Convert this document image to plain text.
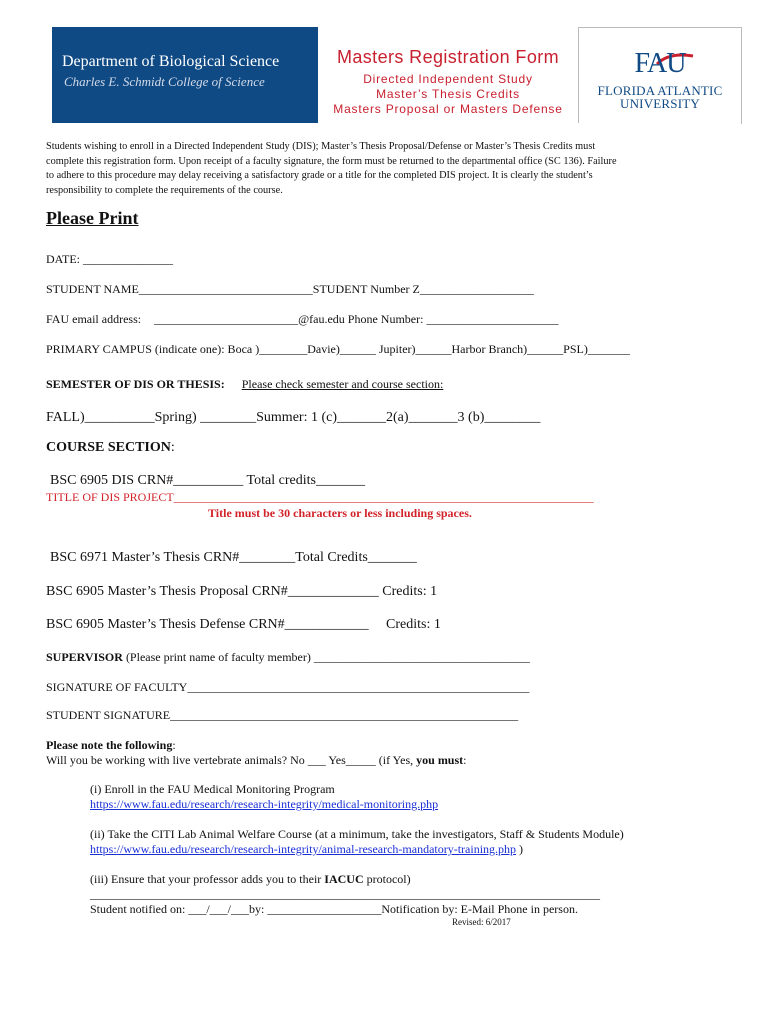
Department of Biological Science
Charles E. Schmidt College of Science
Masters Registration Form
Directed Independent Study
Master’s Thesis Credits
Masters Proposal or Masters Defense
FAU
FLORIDA ATLANTIC
UNIVERSITY
Students wishing to enroll in a Directed Independent Study (DIS); Master’s Thesis Proposal/Defense or Master’s Thesis Credits must
complete this registration form. Upon receipt of a faculty signature, the form must be returned to the departmental office (SC 136). Failure
to adhere to this procedure may delay receiving a satisfactory grade or a title for the completed DIS project. It is clearly the student’s
responsibility to complete the requirements of the course.
Please Print
DATE: _______________
STUDENT NAME_____________________________STUDENT Number Z___________________
FAU email address: ________________________@fau.edu Phone Number: ______________________
PRIMARY CAMPUS (indicate one): Boca )________Davie)______ Jupiter)______Harbor Branch)______PSL)_______
SEMESTER OF DIS OR THESIS: Please check semester and course section:
FALL)__________Spring) ________Summer: 1 (c)_______2(a)_______3 (b)________
COURSE SECTION:
BSC 6905 DIS CRN#__________ Total credits_______
TITLE OF DIS PROJECT______________________________________________________________________
Title must be 30 characters or less including spaces.
BSC 6971 Master’s Thesis CRN#________Total Credits_______
BSC 6905 Master’s Thesis Proposal CRN#_____________ Credits: 1
BSC 6905 Master’s Thesis Defense CRN#____________ Credits: 1
SUPERVISOR (Please print name of faculty member) ____________________________________
SIGNATURE OF FACULTY_________________________________________________________
STUDENT SIGNATURE__________________________________________________________
Please note the following:
Will you be working with live vertebrate animals? No ___ Yes_____ (if Yes, you must:
(i) Enroll in the FAU Medical Monitoring Program
https://www.fau.edu/research/research-integrity/medical-monitoring.php
(ii) Take the CITI Lab Animal Welfare Course (at a minimum, take the investigators, Staff & Students Module)
https://www.fau.edu/research/research-integrity/animal-research-mandatory-training.php )
(iii) Ensure that your professor adds you to their IACUC protocol)
_____________________________________________________________________________________
Student notified on: ___/___/___by: ___________________Notification by: E-Mail Phone in person.
Revised: 6/2017
